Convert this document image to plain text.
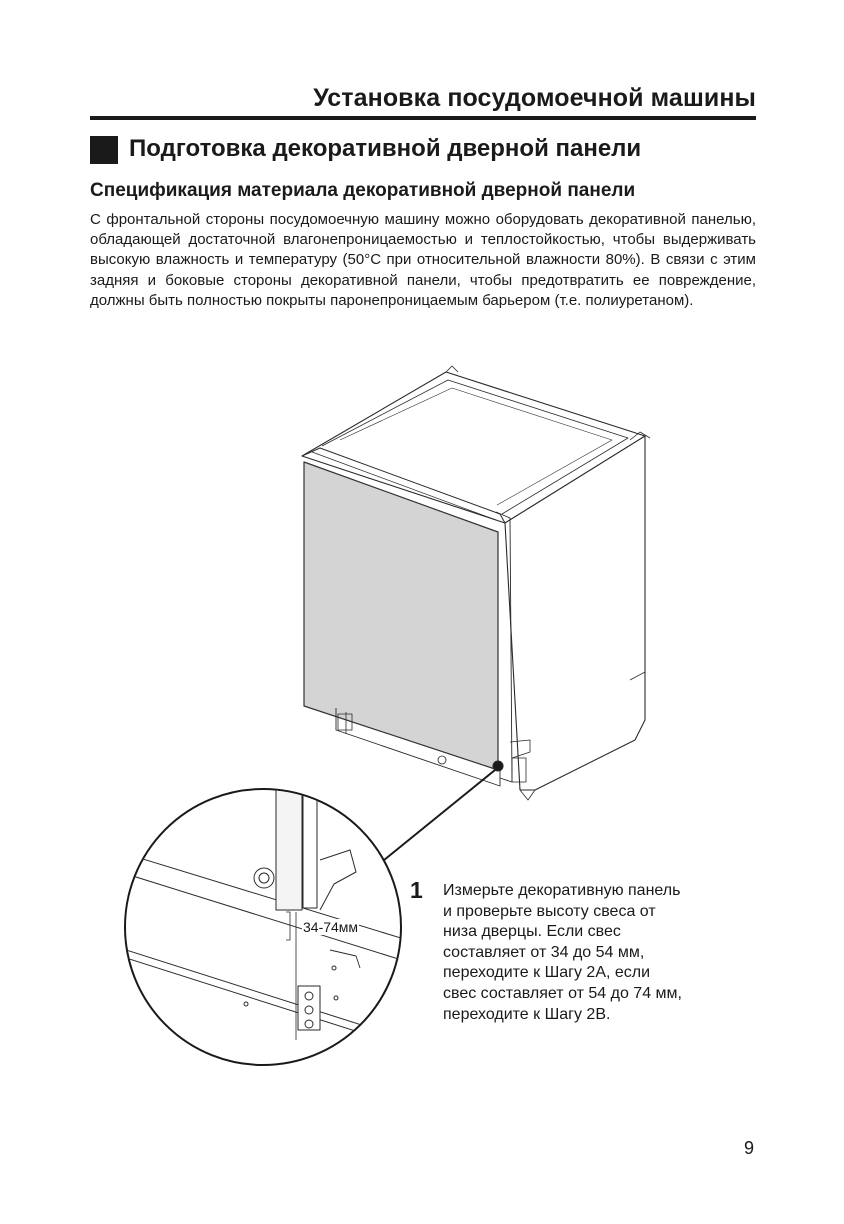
Установка посудомоечной машины
Подготовка декоративной дверной панели
Спецификация материала декоративной дверной панели
С фронтальной стороны посудомоечную машину можно оборудовать декоративной панелью, обладающей достаточной влагонепроницаемостью и теплостойкостью, чтобы выдерживать высокую влажность и температуру (50°C при относительной влажности 80%). В связи с этим задняя и боковые стороны декоративной панели, чтобы предотвратить ее повреждение, должны быть полностью покрыты паронепроницаемым барьером (т.е. полиуретаном).
34-74мм
1 Измерьте декоративную панель и проверьте высоту свеса от низа дверцы. Если свес составляет от 34 до 54 мм, переходите к Шагу 2А, если свес составляет от 54 до 74 мм, переходите к Шагу 2В.
9
